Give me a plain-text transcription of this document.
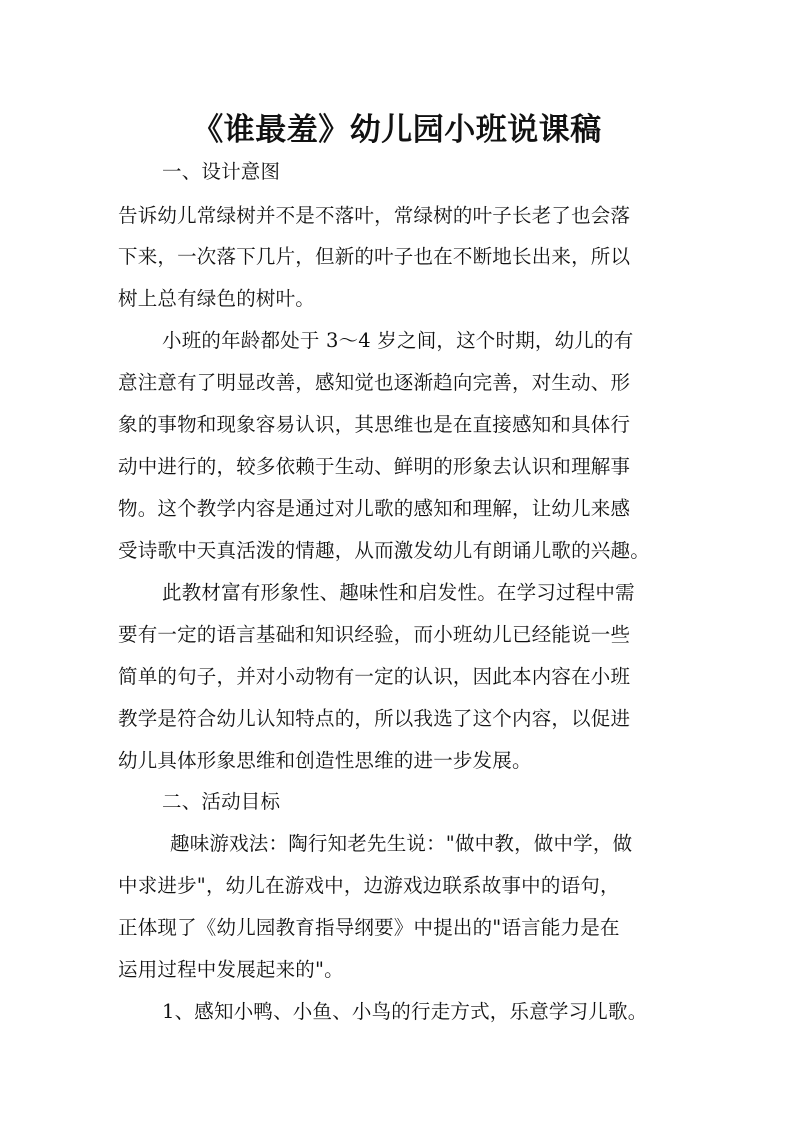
《谁最羞》幼儿园小班说课稿
一、设计意图
告诉幼儿常绿树并不是不落叶，常绿树的叶子长老了也会落
下来，一次落下几片，但新的叶子也在不断地长出来，所以
树上总有绿色的树叶。
小班的年龄都处于 3～4 岁之间，这个时期，幼儿的有
意注意有了明显改善，感知觉也逐渐趋向完善，对生动、形
象的事物和现象容易认识，其思维也是在直接感知和具体行
动中进行的，较多依赖于生动、鲜明的形象去认识和理解事
物。这个教学内容是通过对儿歌的感知和理解，让幼儿来感
受诗歌中天真活泼的情趣，从而激发幼儿有朗诵儿歌的兴趣。
此教材富有形象性、趣味性和启发性。在学习过程中需
要有一定的语言基础和知识经验，而小班幼儿已经能说一些
简单的句子，并对小动物有一定的认识，因此本内容在小班
教学是符合幼儿认知特点的，所以我选了这个内容，以促进
幼儿具体形象思维和创造性思维的进一步发展。
二、活动目标
趣味游戏法：陶行知老先生说："做中教，做中学，做
中求进步"，幼儿在游戏中，边游戏边联系故事中的语句，
正体现了《幼儿园教育指导纲要》中提出的"语言能力是在
运用过程中发展起来的"。
1、感知小鸭、小鱼、小鸟的行走方式，乐意学习儿歌。
